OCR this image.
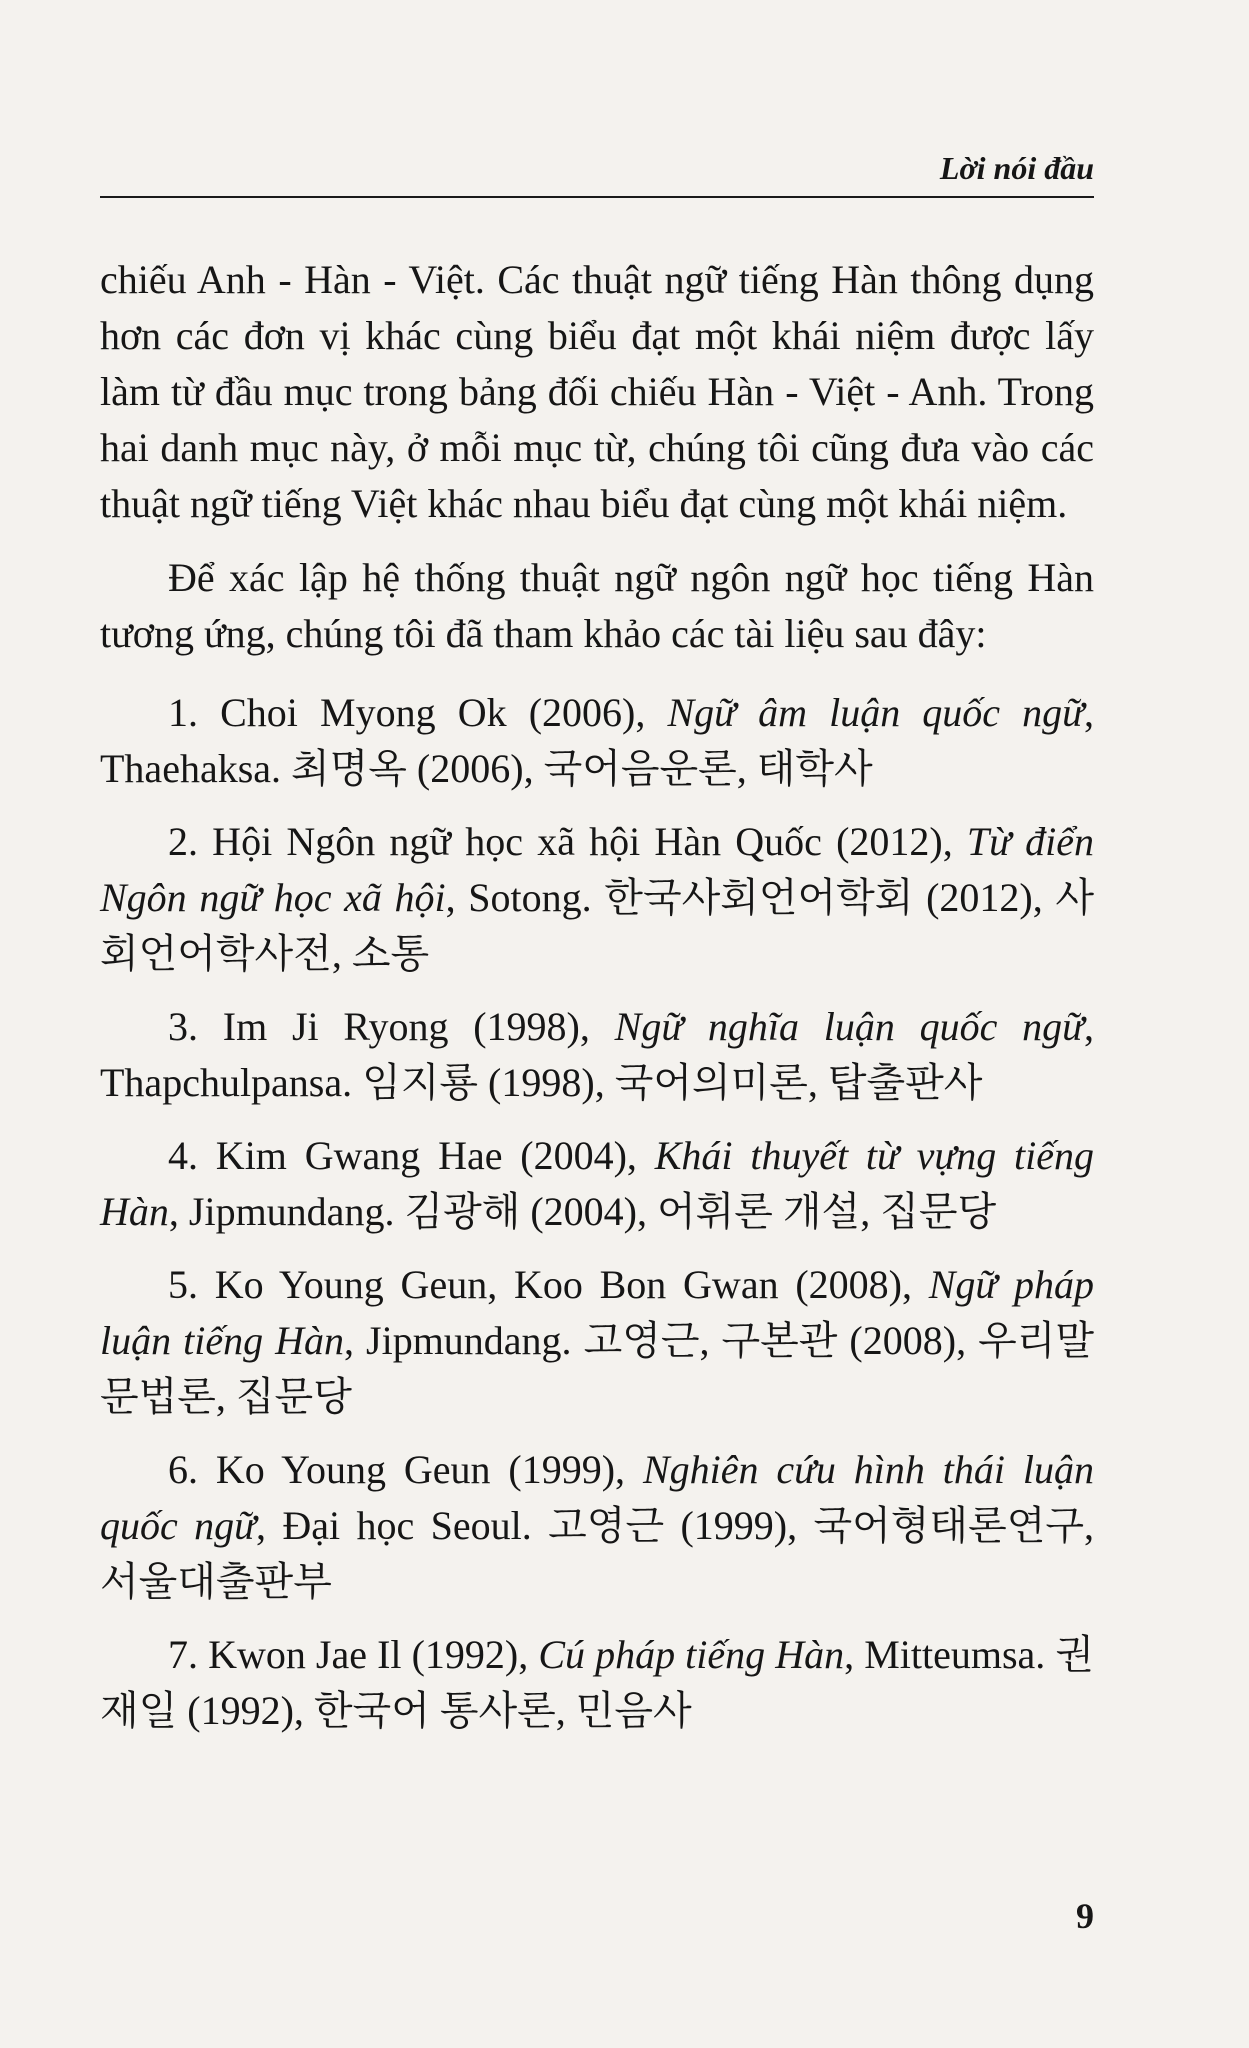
Lời nói đầu

chiếu Anh - Hàn - Việt. Các thuật ngữ tiếng Hàn thông dụng hơn các đơn vị khác cùng biểu đạt một khái niệm được lấy làm từ đầu mục trong bảng đối chiếu Hàn - Việt - Anh. Trong hai danh mục này, ở mỗi mục từ, chúng tôi cũng đưa vào các thuật ngữ tiếng Việt khác nhau biểu đạt cùng một khái niệm.

Để xác lập hệ thống thuật ngữ ngôn ngữ học tiếng Hàn tương ứng, chúng tôi đã tham khảo các tài liệu sau đây:

1. Choi Myong Ok (2006), Ngữ âm luận quốc ngữ, Thaehaksa. 최명옥 (2006), 국어음운론, 태학사

2. Hội Ngôn ngữ học xã hội Hàn Quốc (2012), Từ điển Ngôn ngữ học xã hội, Sotong. 한국사회언어학회 (2012), 사회언어학사전, 소통

3. Im Ji Ryong (1998), Ngữ nghĩa luận quốc ngữ, Thapchulpansa. 임지룡 (1998), 국어의미론, 탑출판사

4. Kim Gwang Hae (2004), Khái thuyết từ vựng tiếng Hàn, Jipmundang. 김광해 (2004), 어휘론 개설, 집문당

5. Ko Young Geun, Koo Bon Gwan (2008), Ngữ pháp luận tiếng Hàn, Jipmundang. 고영근, 구본관 (2008), 우리말 문법론, 집문당

6. Ko Young Geun (1999), Nghiên cứu hình thái luận quốc ngữ, Đại học Seoul. 고영근 (1999), 국어형태론연구, 서울대출판부

7. Kwon Jae Il (1992), Cú pháp tiếng Hàn, Mitteumsa. 권재일 (1992), 한국어 통사론, 민음사

9
